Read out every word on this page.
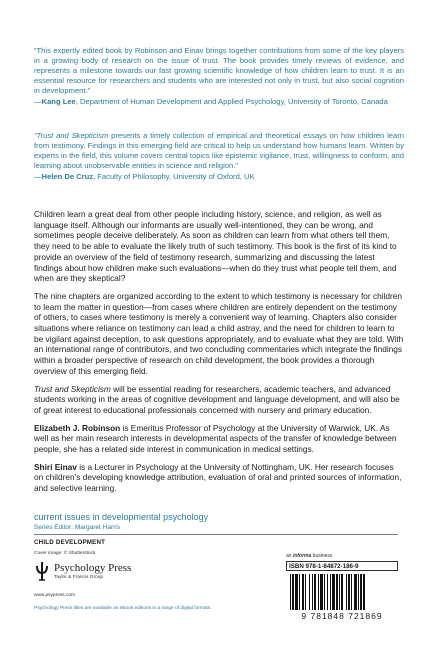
“This expertly edited book by Robinson and Einav brings together contributions from some of the key players in a growing body of research on the issue of trust. The book provides timely reviews of evidence, and represents a milestone towards our fast growing scientific knowledge of how children learn to trust. It is an essential resource for researchers and students who are interested not only in trust, but also social cognition in development.”
—Kang Lee, Department of Human Development and Applied Psychology, University of Toronto, Canada
“Trust and Skepticism presents a timely collection of empirical and theoretical essays on how children learn from testimony. Findings in this emerging field are critical to help us understand how humans learn. Written by experts in the field, this volume covers central topics like epistemic vigilance, trust, willingness to conform, and learning about unobservable entities in science and religion.”
—Helen De Cruz, Faculty of Philosophy, University of Oxford, UK

Children learn a great deal from other people including history, science, and religion, as well as language itself. Although our informants are usually well-intentioned, they can be wrong, and sometimes people deceive deliberately. As soon as children can learn from what others tell them, they need to be able to evaluate the likely truth of such testimony. This book is the first of its kind to provide an overview of the field of testimony research, summarizing and discussing the latest findings about how children make such evaluations—when do they trust what people tell them, and when are they skeptical?

The nine chapters are organized according to the extent to which testimony is necessary for children to learn the matter in question—from cases where children are entirely dependent on the testimony of others, to cases where testimony is merely a convenient way of learning. Chapters also consider situations where reliance on testimony can lead a child astray, and the need for children to learn to be vigilant against deception, to ask questions appropriately, and to evaluate what they are told. With an international range of contributors, and two concluding commentaries which integrate the findings within a broader perspective of research on child development, the book provides a thorough overview of this emerging field.

Trust and Skepticism will be essential reading for researchers, academic teachers, and advanced students working in the areas of cognitive development and language development, and will also be of great interest to educational professionals concerned with nursery and primary education.

Elizabeth J. Robinson is Emeritus Professor of Psychology at the University of Warwick, UK. As well as her main research interests in developmental aspects of the transfer of knowledge between people, she has a related side interest in communication in medical settings.

Shiri Einav is a Lecturer in Psychology at the University of Nottingham, UK. Her research focuses on children’s developing knowledge attribution, evaluation of oral and printed sources of information, and selective learning.

current issues in developmental psychology
Series Editor: Margaret Harris
CHILD DEVELOPMENT
Cover image: © Shutterstock
Psychology Press
Taylor & Francis Group
www.psypress.com
Psychology Press titles are available as eBook editions in a range of digital formats
an informa business
ISBN 978-1-84872-186-9
9 781848 721869
